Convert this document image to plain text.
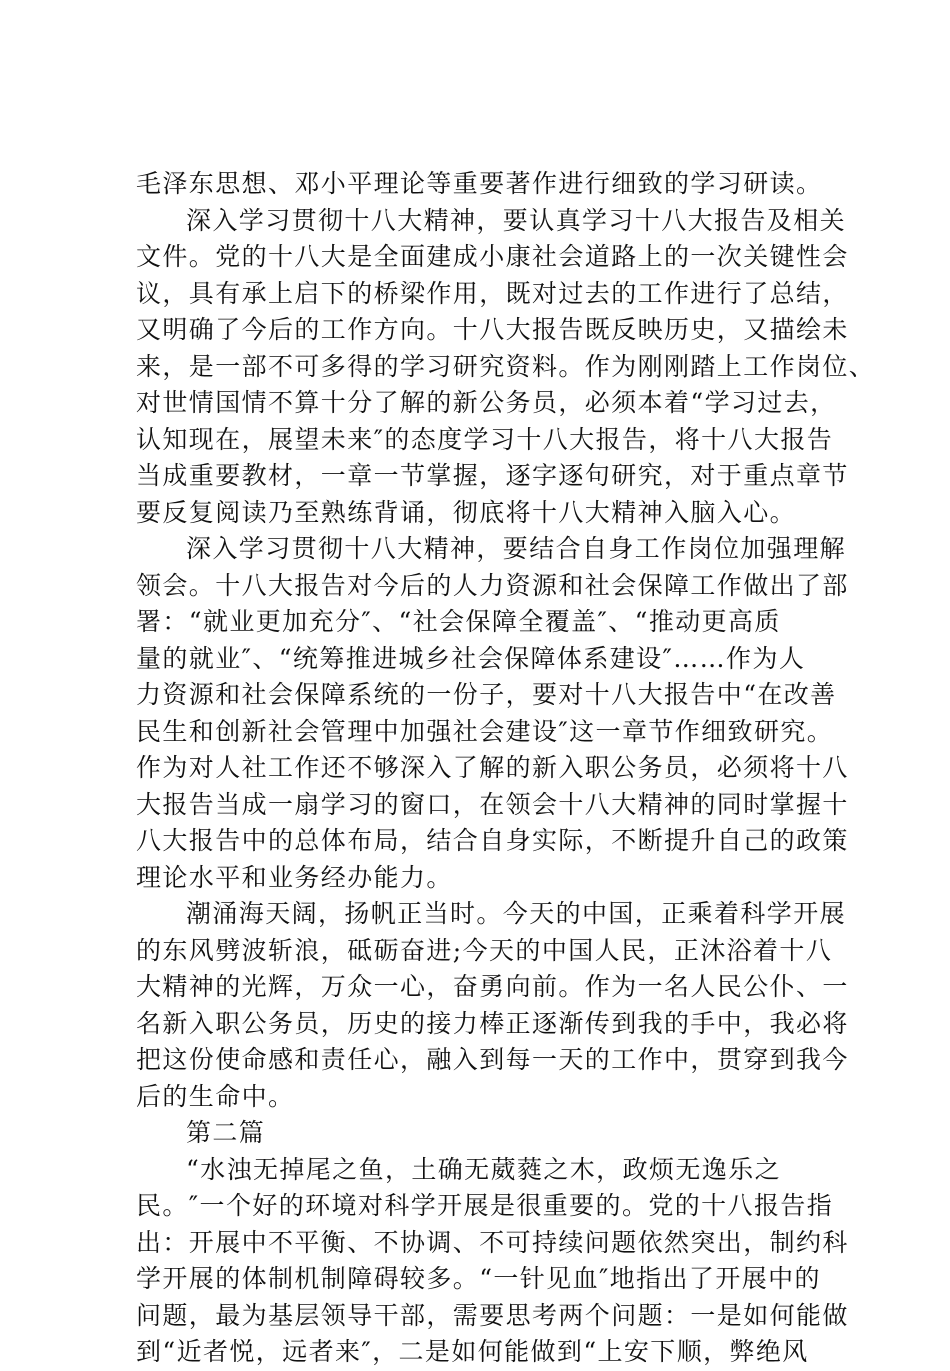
毛泽东思想、邓小平理论等重要著作进行细致的学习研读。
深入学习贯彻十八大精神，要认真学习十八大报告及相关
文件。党的十八大是全面建成小康社会道路上的一次关键性会
议，具有承上启下的桥梁作用，既对过去的工作进行了总结，
又明确了今后的工作方向。十八大报告既反映历史，又描绘未
来，是一部不可多得的学习研究资料。作为刚刚踏上工作岗位、
对世情国情不算十分了解的新公务员，必须本着“学习过去，
认知现在，展望未来″的态度学习十八大报告，将十八大报告
当成重要教材，一章一节掌握，逐字逐句研究，对于重点章节
要反复阅读乃至熟练背诵，彻底将十八大精神入脑入心。
深入学习贯彻十八大精神，要结合自身工作岗位加强理解
领会。十八大报告对今后的人力资源和社会保障工作做出了部
署：“就业更加充分″、“社会保障全覆盖″、“推动更高质
量的就业″、“统筹推进城乡社会保障体系建设″……作为人
力资源和社会保障系统的一份子，要对十八大报告中“在改善
民生和创新社会管理中加强社会建设″这一章节作细致研究。
作为对人社工作还不够深入了解的新入职公务员，必须将十八
大报告当成一扇学习的窗口，在领会十八大精神的同时掌握十
八大报告中的总体布局，结合自身实际，不断提升自己的政策
理论水平和业务经办能力。
潮涌海天阔，扬帆正当时。今天的中国，正乘着科学开展
的东风劈波斩浪，砥砺奋进;今天的中国人民，正沐浴着十八
大精神的光辉，万众一心，奋勇向前。作为一名人民公仆、一
名新入职公务员，历史的接力棒正逐渐传到我的手中，我必将
把这份使命感和责任心，融入到每一天的工作中，贯穿到我今
后的生命中。
第二篇
“水浊无掉尾之鱼，土确无葳蕤之木，政烦无逸乐之
民。″一个好的环境对科学开展是很重要的。党的十八报告指
出：开展中不平衡、不协调、不可持续问题依然突出，制约科
学开展的体制机制障碍较多。“一针见血″地指出了开展中的
问题，最为基层领导干部，需要思考两个问题：一是如何能做
到“近者悦，远者来″，二是如何能做到“上安下顺，弊绝风
